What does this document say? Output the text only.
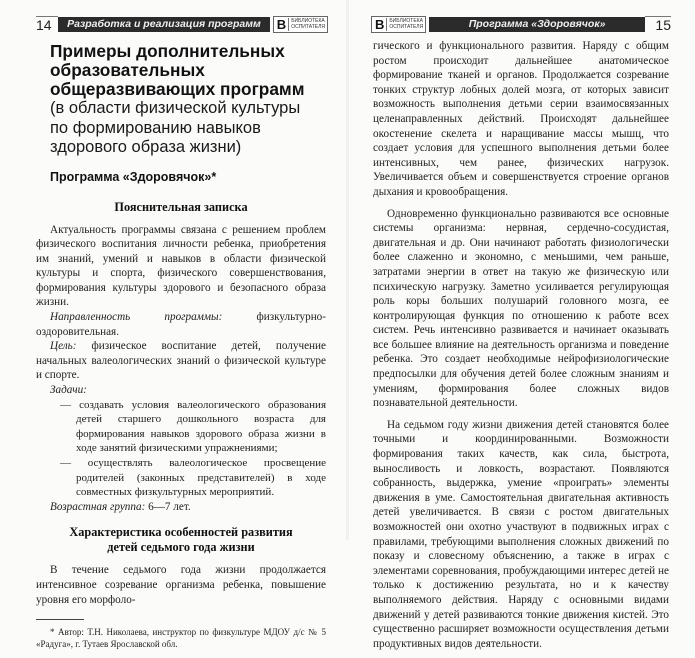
14	Разработка и реализация программ	В	БИБЛИОТЕКА
ОСПИТАТЕЛЯ
Примеры дополнительных
образовательных
общеразвивающих программ
(в области физической культуры
по формированию навыков
здорового образа жизни)
Программа «Здоровячок»*
Пояснительная записка

Актуальность программы связана с решением проблем физического воспитания личности ребенка, приобретения им знаний, умений и навыков в области физической культуры и спорта, физического совершенствования, формирования культуры здорового и безопасного образа жизни.

Направленность программы: физкультурно-оздоровительная.

Цель: физическое воспитание детей, получение начальных валеологических знаний о физической культуре и спорте.

Задачи:

— создавать условия валеологического образования детей старшего дошкольного возраста для формирования навыков здорового образа жизни в ходе занятий физическими упражнениями;
— осуществлять валеологическое просвещение родителей (законных представителей) в ходе совместных физкультурных мероприятий.

Возрастная группа: 6—7 лет.

Характеристика особенностей развития
детей седьмого года жизни

В течение седьмого года жизни продолжается интенсивное созревание организма ребенка, повышение уровня его морфоло-

* Автор: Т.Н. Николаева, инструктор по физкультуре МДОУ д/с № 5 «Радуга», г. Тутаев Ярославской обл.
В	БИБЛИОТЕКА
ОСПИТАТЕЛЯ	Программа «Здоровячок»	15

гического и функционального развития. Наряду с общим ростом происходит дальнейшее анатомическое формирование тканей и органов. Продолжается созревание тонких структур лобных долей мозга, от которых зависит возможность выполнения детьми серии взаимосвязанных целенаправленных действий. Происходят дальнейшее окостенение скелета и наращивание массы мышц, что создает условия для успешного выполнения детьми более интенсивных, чем ранее, физических нагрузок. Увеличивается объем и совершенствуется строение органов дыхания и кровообращения.

Одновременно функционально развиваются все основные системы организма: нервная, сердечно-сосудистая, двигательная и др. Они начинают работать физиологически более слаженно и экономно, с меньшими, чем раньше, затратами энергии в ответ на такую же физическую или психическую нагрузку. Заметно усиливается регулирующая роль коры больших полушарий головного мозга, ее контролирующая функция по отношению к работе всех систем. Речь интенсивно развивается и начинает оказывать все большее влияние на деятельность организма и поведение ребенка. Это создает необходимые нейрофизиологические предпосылки для обучения детей более сложным знаниям и умениям, формирования более сложных видов познавательной деятельности.

На седьмом году жизни движения детей становятся более точными и координированными. Возможности формирования таких качеств, как сила, быстрота, выносливость и ловкость, возрастают. Появляются собранность, выдержка, умение «проиграть» элементы движения в уме. Самостоятельная двигательная активность детей увеличивается. В связи с ростом двигательных возможностей они охотно участвуют в подвижных играх с правилами, требующими выполнения сложных движений по показу и словесному объяснению, а также в играх с элементами соревнования, пробуждающими интерес детей не только к достижению результата, но и к качеству выполняемого действия. Наряду с основными видами движений у детей развиваются тонкие движения кистей. Это существенно расширяет возможности осуществления детьми продуктивных видов деятельности.
